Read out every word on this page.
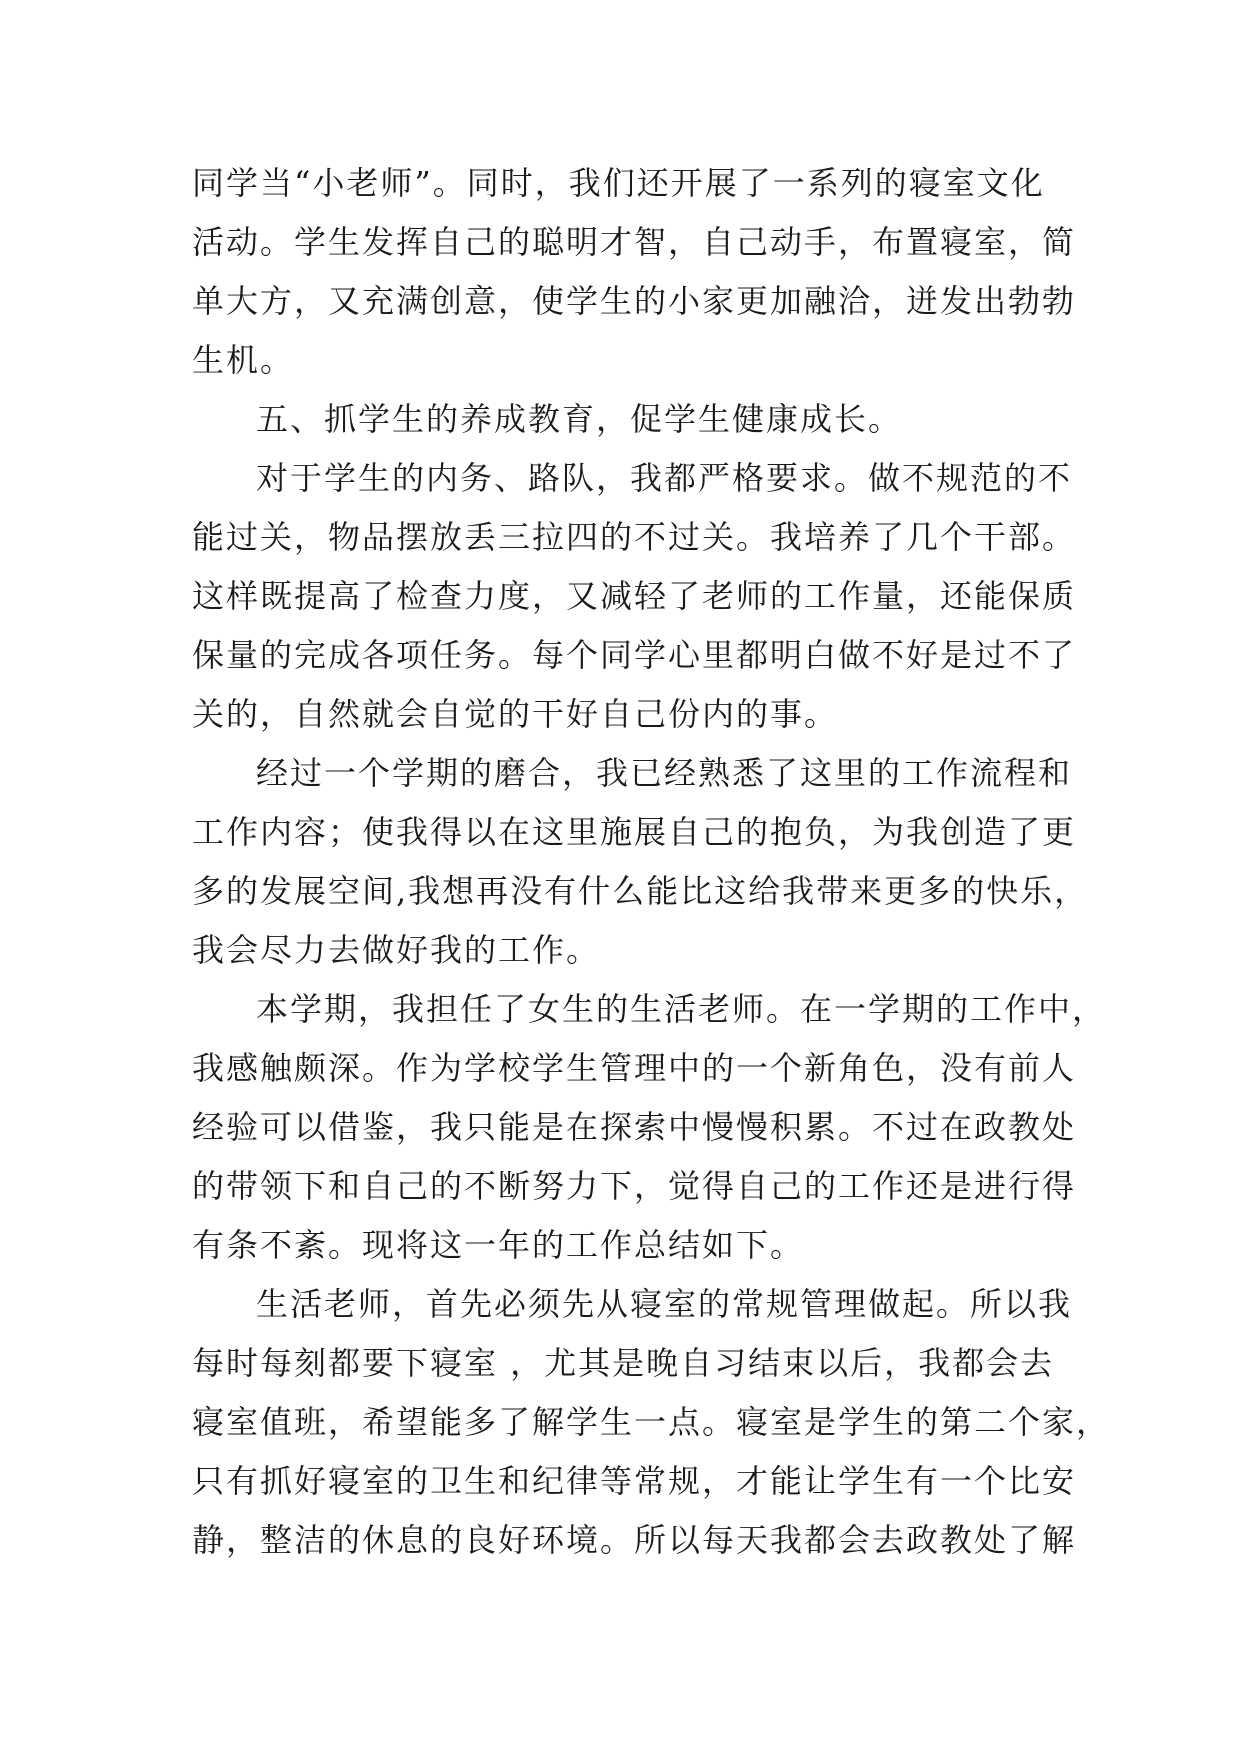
同学当“小老师”。同时，我们还开展了一系列的寝室文化
活动。学生发挥自己的聪明才智，自己动手，布置寝室，简
单大方，又充满创意，使学生的小家更加融洽，迸发出勃勃
生机。
五、抓学生的养成教育，促学生健康成长。
对于学生的内务、路队，我都严格要求。做不规范的不
能过关，物品摆放丢三拉四的不过关。我培养了几个干部。
这样既提高了检查力度，又减轻了老师的工作量，还能保质
保量的完成各项任务。每个同学心里都明白做不好是过不了
关的，自然就会自觉的干好自己份内的事。
经过一个学期的磨合，我已经熟悉了这里的工作流程和
工作内容；使我得以在这里施展自己的抱负，为我创造了更
多的发展空间,我想再没有什么能比这给我带来更多的快乐，
我会尽力去做好我的工作。
本学期，我担任了女生的生活老师。在一学期的工作中，
我感触颇深。作为学校学生管理中的一个新角色，没有前人
经验可以借鉴，我只能是在探索中慢慢积累。不过在政教处
的带领下和自己的不断努力下，觉得自己的工作还是进行得
有条不紊。现将这一年的工作总结如下。
生活老师，首先必须先从寝室的常规管理做起。所以我
每时每刻都要下寝室 ，尤其是晚自习结束以后，我都会去
寝室值班，希望能多了解学生一点。寝室是学生的第二个家，
只有抓好寝室的卫生和纪律等常规，才能让学生有一个比安
静，整洁的休息的良好环境。所以每天我都会去政教处了解
